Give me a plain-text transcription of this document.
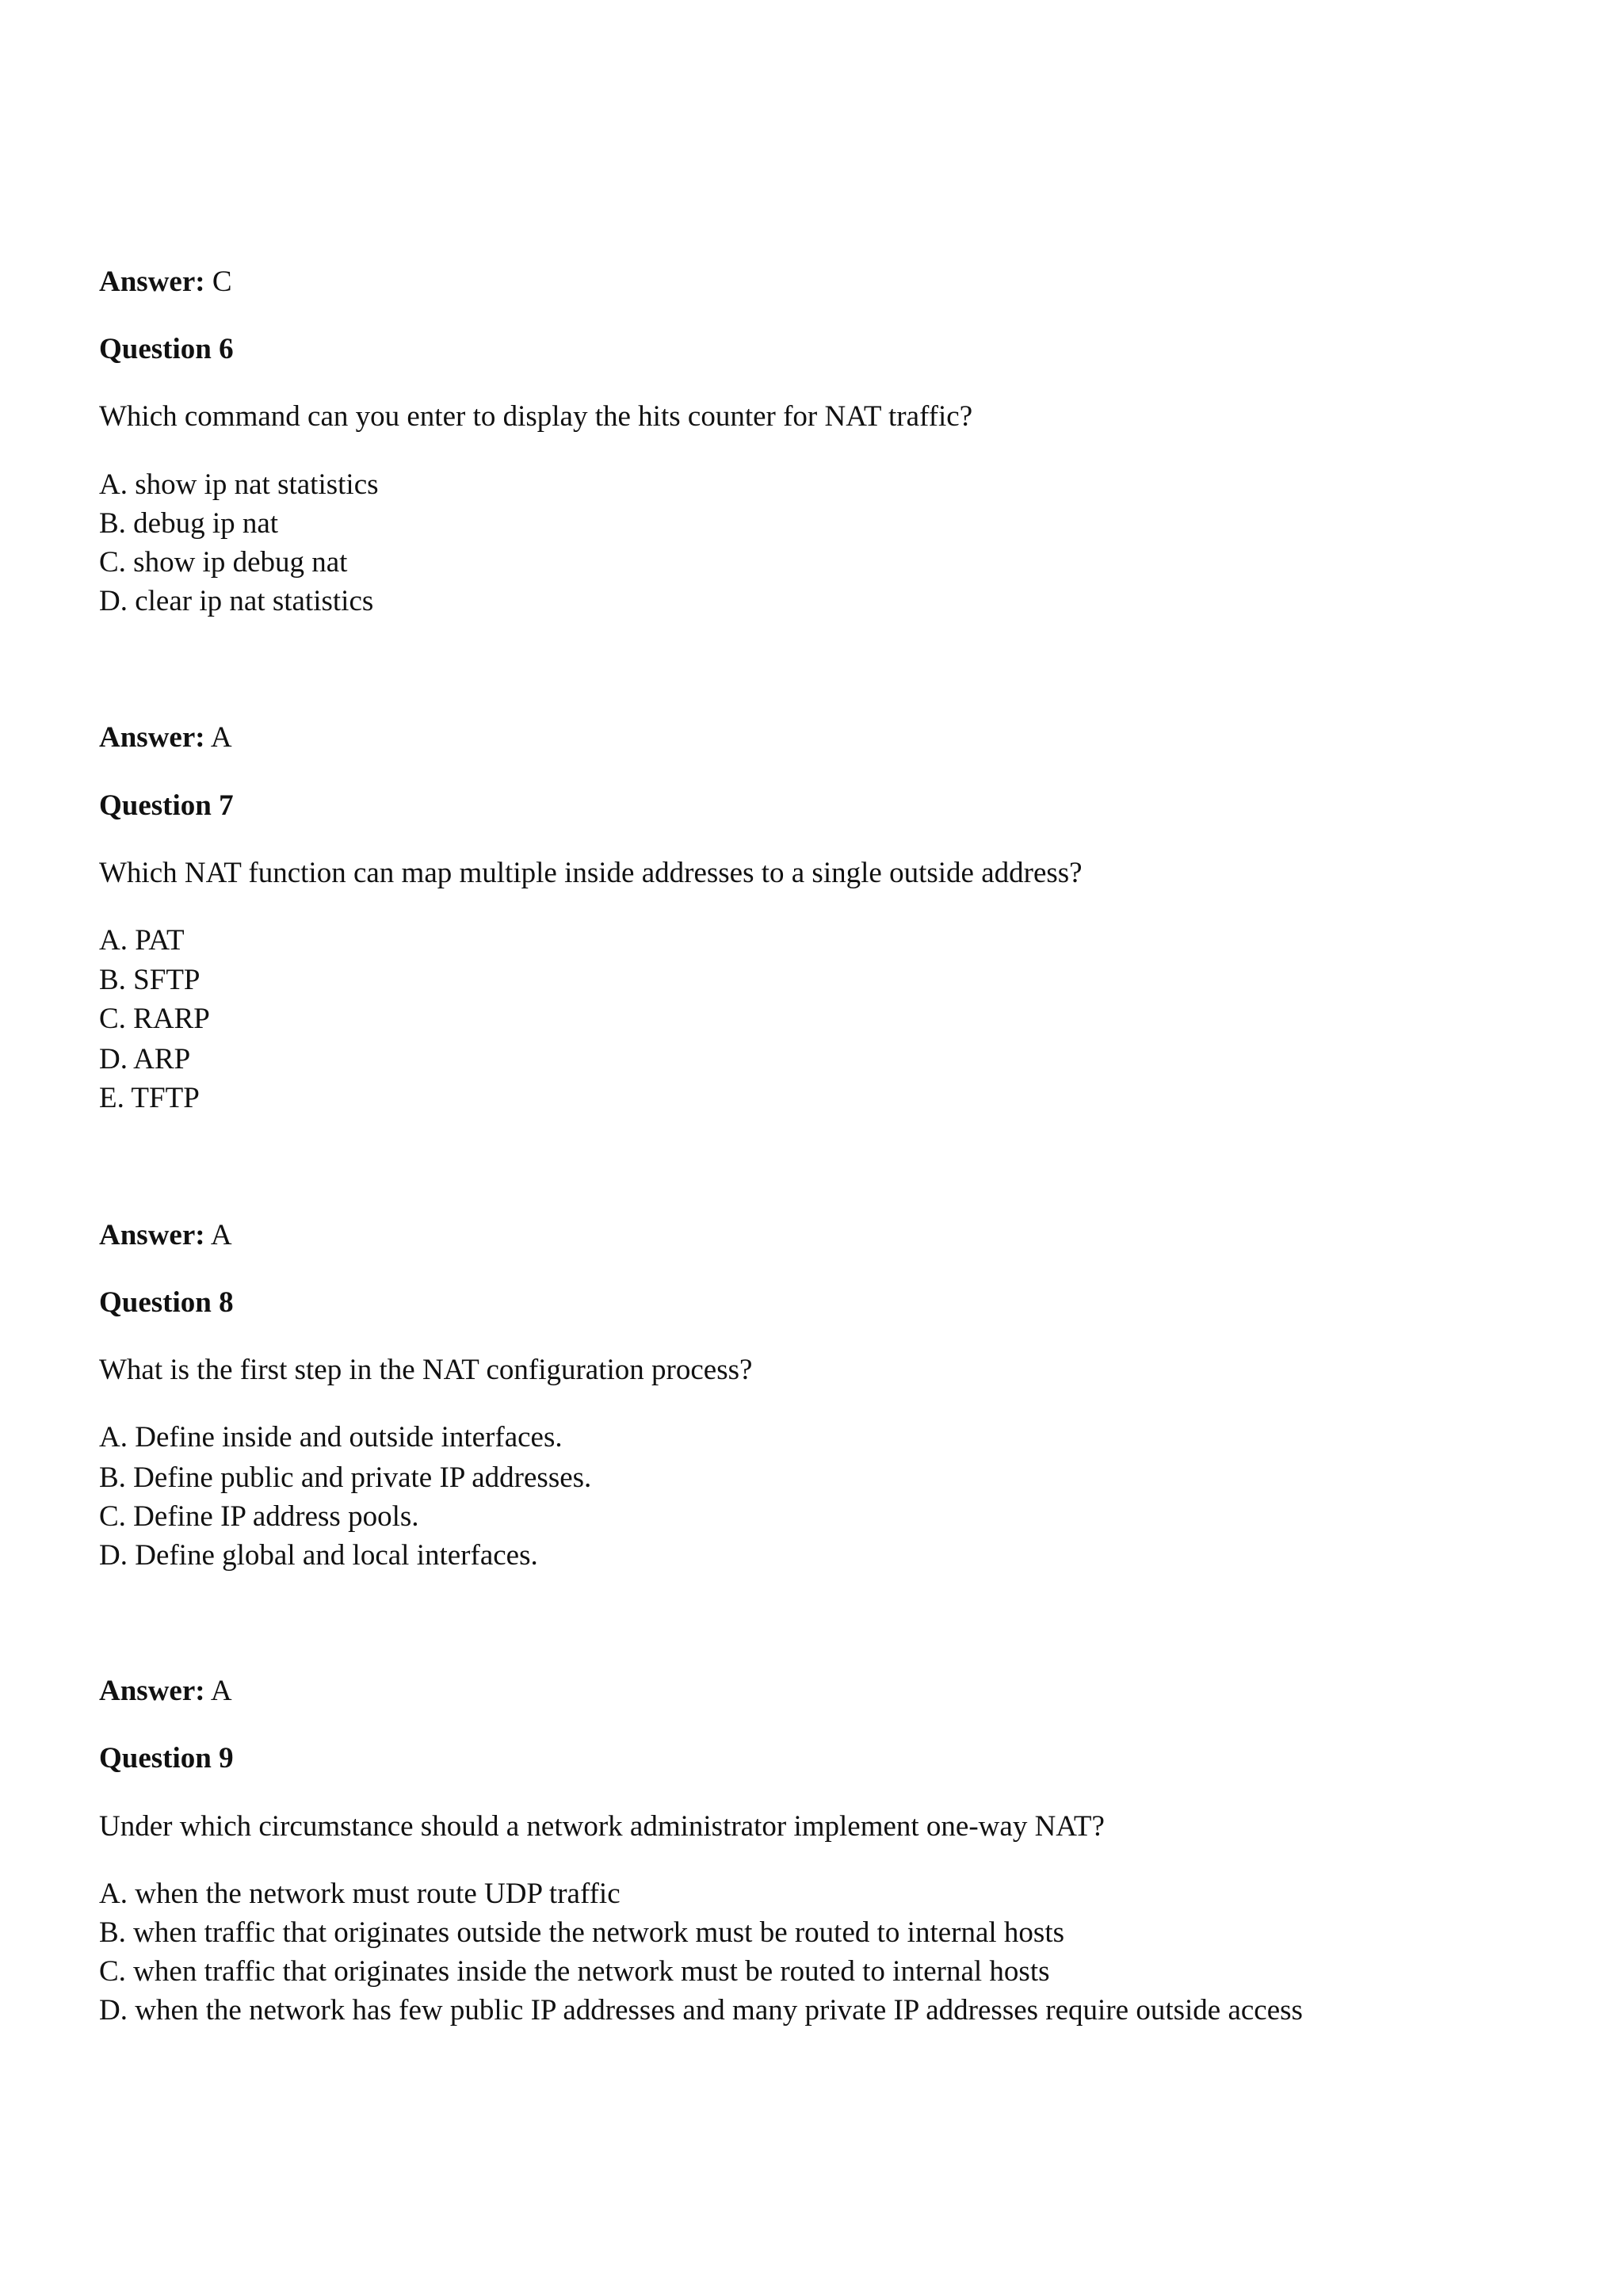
Answer: C

Question 6

Which command can you enter to display the hits counter for NAT traffic?

A. show ip nat statistics

B. debug ip nat

C. show ip debug nat

D. clear ip nat statistics

Answer: A

Question 7

Which NAT function can map multiple inside addresses to a single outside address?

A. PAT

B. SFTP

C. RARP

D. ARP

E. TFTP

Answer: A

Question 8

What is the first step in the NAT configuration process?

A. Define inside and outside interfaces.

B. Define public and private IP addresses.

C. Define IP address pools.

D. Define global and local interfaces.

Answer: A

Question 9

Under which circumstance should a network administrator implement one-way NAT?

A. when the network must route UDP traffic

B. when traffic that originates outside the network must be routed to internal hosts

C. when traffic that originates inside the network must be routed to internal hosts

D. when the network has few public IP addresses and many private IP addresses require outside access
